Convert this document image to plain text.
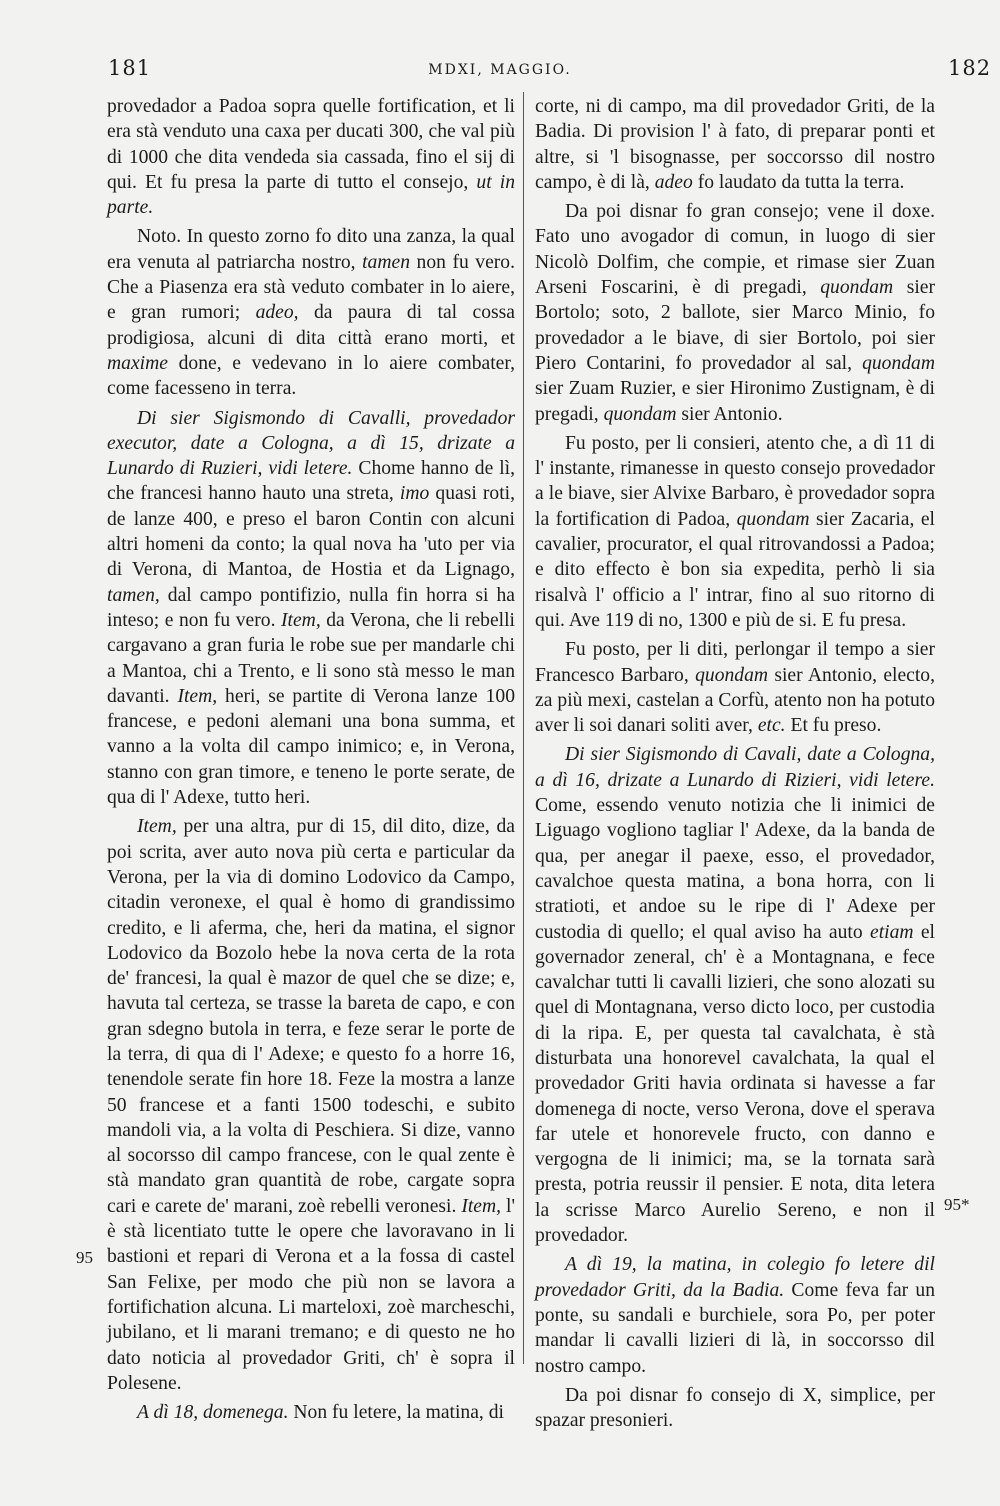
181	MDXI, MAGGIO.	182
95
95*

provedador a Padoa sopra quelle fortification, et li era stà venduto una caxa per ducati 300, che val più di 1000 che dita vendeda sia cassada, fino el sij di qui. Et fu presa la parte di tutto el consejo, ut in parte.

Noto. In questo zorno fo dito una zanza, la qual era venuta al patriarcha nostro, tamen non fu vero. Che a Piasenza era stà veduto combater in lo aiere, e gran rumori; adeo, da paura di tal cossa prodigiosa, alcuni di dita città erano morti, et maxime done, e vedevano in lo aiere combater, come facesseno in terra.

Di sier Sigismondo di Cavalli, provedador executor, date a Cologna, a dì 15, drizate a Lunardo di Ruzieri, vidi letere. Chome hanno de lì, che francesi hanno hauto una streta, imo quasi roti, de lanze 400, e preso el baron Contin con alcuni altri homeni da conto; la qual nova ha 'uto per via di Verona, di Mantoa, de Hostia et da Lignago, tamen, dal campo pontifizio, nulla fin horra si ha inteso; e non fu vero. Item, da Verona, che li rebelli cargavano a gran furia le robe sue per mandarle chi a Mantoa, chi a Trento, e li sono stà messo le man davanti. Item, heri, se partite di Verona lanze 100 francese, e pedoni alemani una bona summa, et vanno a la volta dil campo inimico; e, in Verona, stanno con gran timore, e teneno le porte serate, de qua di l' Adexe, tutto heri.

Item, per una altra, pur di 15, dil dito, dize, da poi scrita, aver auto nova più certa e particular da Verona, per la via di domino Lodovico da Campo, citadin veronexe, el qual è homo di grandissimo credito, e li aferma, che, heri da matina, el signor Lodovico da Bozolo hebe la nova certa de la rota de' francesi, la qual è mazor de quel che se dize; e, havuta tal certeza, se trasse la bareta de capo, e con gran sdegno butola in terra, e feze serar le porte de la terra, di qua di l' Adexe; e questo fo a horre 16, tenendole serate fin hore 18. Feze la mostra a lanze 50 francese et a fanti 1500 todeschi, e subito mandoli via, a la volta di Peschiera. Si dize, vanno al socorsso dil campo francese, con le qual zente è stà mandato gran quantità de robe, cargate sopra cari e carete de' marani, zoè rebelli veronesi. Item, l' è stà licentiato tutte le opere che lavoravano in li bastioni et repari di Verona et a la fossa di castel San Felixe, per modo che più non se lavora a fortifichation alcuna. Li marteloxi, zoè marcheschi, jubilano, et li marani tremano; e di questo ne ho dato noticia al provedador Griti, ch' è sopra il Polesene.

A dì 18, domenega. Non fu letere, la matina, di

corte, ni di campo, ma dil provedador Griti, de la Badia. Di provision l' à fato, di preparar ponti et altre, si 'l bisognasse, per soccorsso dil nostro campo, è di là, adeo fo laudato da tutta la terra.

Da poi disnar fo gran consejo; vene il doxe. Fato uno avogador di comun, in luogo di sier Nicolò Dolfim, che compie, et rimase sier Zuan Arseni Foscarini, è di pregadi, quondam sier Bortolo; soto, 2 ballote, sier Marco Minio, fo provedador a le biave, di sier Bortolo, poi sier Piero Contarini, fo provedador al sal, quondam sier Zuam Ruzier, e sier Hironimo Zustignam, è di pregadi, quondam sier Antonio.

Fu posto, per li consieri, atento che, a dì 11 di l' instante, rimanesse in questo consejo provedador a le biave, sier Alvixe Barbaro, è provedador sopra la fortification di Padoa, quondam sier Zacaria, el cavalier, procurator, el qual ritrovandossi a Padoa; e dito effecto è bon sia expedita, perhò li sia risalvà l' officio a l' intrar, fino al suo ritorno di qui. Ave 119 di no, 1300 e più de si. E fu presa.

Fu posto, per li diti, perlongar il tempo a sier Francesco Barbaro, quondam sier Antonio, electo, za più mexi, castelan a Corfù, atento non ha potuto aver li soi danari soliti aver, etc. Et fu preso.

Di sier Sigismondo di Cavali, date a Cologna, a dì 16, drizate a Lunardo di Rizieri, vidi letere. Come, essendo venuto notizia che li inimici de Liguago vogliono tagliar l' Adexe, da la banda de qua, per anegar il paexe, esso, el provedador, cavalchoe questa matina, a bona horra, con li stratioti, et andoe su le ripe di l' Adexe per custodia di quello; el qual aviso ha auto etiam el governador zeneral, ch' è a Montagnana, e fece cavalchar tutti li cavalli lizieri, che sono alozati su quel di Montagnana, verso dicto loco, per custodia di la ripa. E, per questa tal cavalchata, è stà disturbata una honorevel cavalchata, la qual el provedador Griti havia ordinata si havesse a far domenega di nocte, verso Verona, dove el sperava far utele et honorevele fructo, con danno e vergogna de li inimici; ma, se la tornata sarà presta, potria reussir il pensier. E nota, dita letera la scrisse Marco Aurelio Sereno, e non il provedador.

A dì 19, la matina, in colegio fo letere dil provedador Griti, da la Badia. Come feva far un ponte, su sandali e burchiele, sora Po, per poter mandar li cavalli lizieri di là, in soccorsso dil nostro campo.

Da poi disnar fo consejo di X, simplice, per spazar presonieri.
